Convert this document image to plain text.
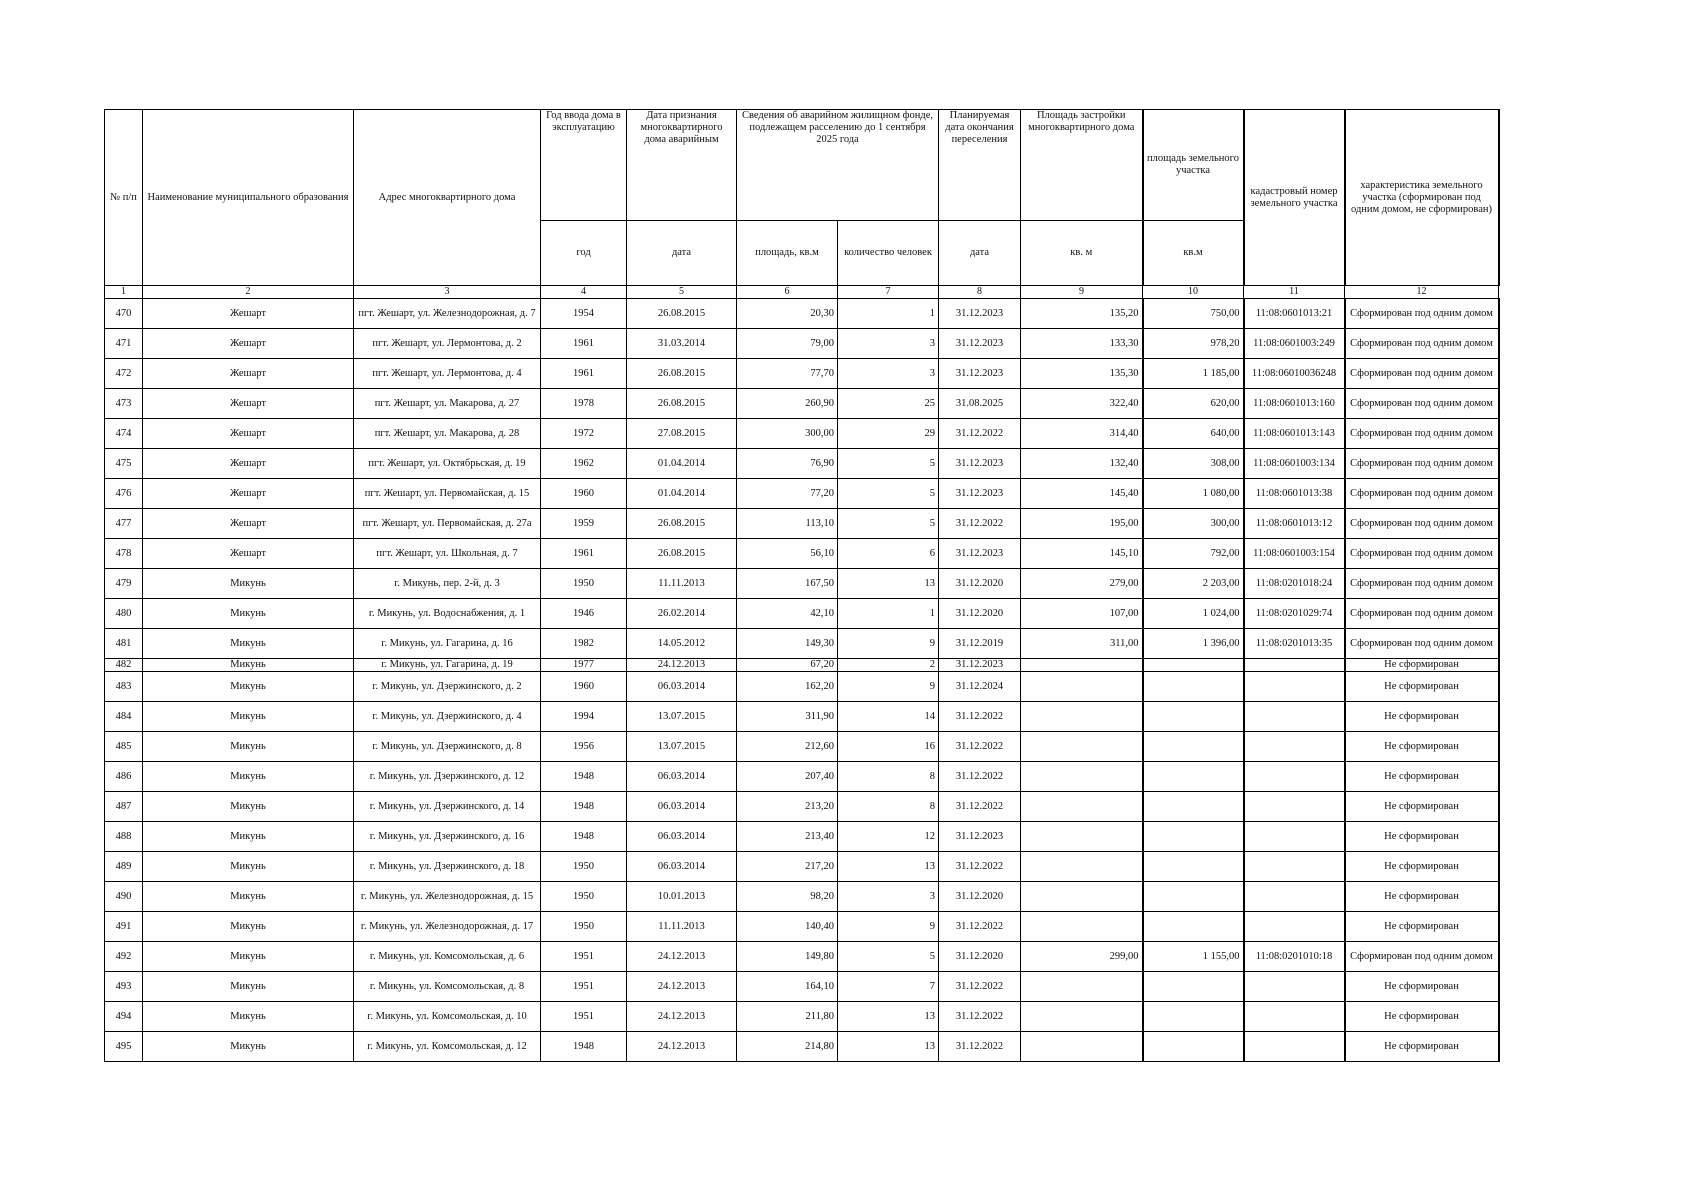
№ п/п	Наименование муниципального образования	Адрес многоквартирного дома	Год ввода дома в эксплуатацию	Дата признания многоквартирного дома аварийным	Сведения об аварийном жилищном фонде, подлежащем расселению до 1 сентября 2025 года		Планируемая дата окончания переселения	Площадь застройки многоквартирного дома	площадь земельного участка	кадастровый номер земельного участка	характеристика земельного участка (сформирован под одним домом, не сформирован)
			год	дата	площадь, кв.м	количество человек	дата	кв. м	кв.м		
1	2	3	4	5	6	7	8	9	10	11	12
470	Жешарт	пгт. Жешарт, ул. Железнодорожная, д. 7	1954	26.08.2015	20,30	1	31.12.2023	135,20	750,00	11:08:0601013:21	Сформирован под одним домом
471	Жешарт	пгт. Жешарт, ул. Лермонтова, д. 2	1961	31.03.2014	79,00	3	31.12.2023	133,30	978,20	11:08:0601003:249	Сформирован под одним домом
472	Жешарт	пгт. Жешарт, ул. Лермонтова, д. 4	1961	26.08.2015	77,70	3	31.12.2023	135,30	1 185,00	11:08:06010036248	Сформирован под одним домом
473	Жешарт	пгт. Жешарт, ул. Макарова, д. 27	1978	26.08.2015	260,90	25	31.08.2025	322,40	620,00	11:08:0601013:160	Сформирован под одним домом
474	Жешарт	пгт. Жешарт, ул. Макарова, д. 28	1972	27.08.2015	300,00	29	31.12.2022	314,40	640,00	11:08:0601013:143	Сформирован под одним домом
475	Жешарт	пгт. Жешарт, ул. Октябрьская, д. 19	1962	01.04.2014	76,90	5	31.12.2023	132,40	308,00	11:08:0601003:134	Сформирован под одним домом
476	Жешарт	пгт. Жешарт, ул. Первомайская, д. 15	1960	01.04.2014	77,20	5	31.12.2023	145,40	1 080,00	11:08:0601013:38	Сформирован под одним домом
477	Жешарт	пгт. Жешарт, ул. Первомайская, д. 27а	1959	26.08.2015	113,10	5	31.12.2022	195,00	300,00	11:08:0601013:12	Сформирован под одним домом
478	Жешарт	пгт. Жешарт, ул. Школьная, д. 7	1961	26.08.2015	56,10	6	31.12.2023	145,10	792,00	11:08:0601003:154	Сформирован под одним домом
479	Микунь	г. Микунь, пер. 2-й, д. 3	1950	11.11.2013	167,50	13	31.12.2020	279,00	2 203,00	11:08:0201018:24	Сформирован под одним домом
480	Микунь	г. Микунь, ул. Водоснабжения, д. 1	1946	26.02.2014	42,10	1	31.12.2020	107,00	1 024,00	11:08:0201029:74	Сформирован под одним домом
481	Микунь	г. Микунь, ул. Гагарина, д. 16	1982	14.05.2012	149,30	9	31.12.2019	311,00	1 396,00	11:08:0201013:35	Сформирован под одним домом
482	Микунь	г. Микунь, ул. Гагарина, д. 19	1977	24.12.2013	67,20	2	31.12.2023				Не сформирован
483	Микунь	г. Микунь, ул. Дзержинского, д. 2	1960	06.03.2014	162,20	9	31.12.2024				Не сформирован
484	Микунь	г. Микунь, ул. Дзержинского, д. 4	1994	13.07.2015	311,90	14	31.12.2022				Не сформирован
485	Микунь	г. Микунь, ул. Дзержинского, д. 8	1956	13.07.2015	212,60	16	31.12.2022				Не сформирован
486	Микунь	г. Микунь, ул. Дзержинского, д. 12	1948	06.03.2014	207,40	8	31.12.2022				Не сформирован
487	Микунь	г. Микунь, ул. Дзержинского, д. 14	1948	06.03.2014	213,20	8	31.12.2022				Не сформирован
488	Микунь	г. Микунь, ул. Дзержинского, д. 16	1948	06.03.2014	213,40	12	31.12.2023				Не сформирован
489	Микунь	г. Микунь, ул. Дзержинского, д. 18	1950	06.03.2014	217,20	13	31.12.2022				Не сформирован
490	Микунь	г. Микунь, ул. Железнодорожная, д. 15	1950	10.01.2013	98,20	3	31.12.2020				Не сформирован
491	Микунь	г. Микунь, ул. Железнодорожная, д. 17	1950	11.11.2013	140,40	9	31.12.2022				Не сформирован
492	Микунь	г. Микунь, ул. Комсомольская, д. 6	1951	24.12.2013	149,80	5	31.12.2020	299,00	1 155,00	11:08:0201010:18	Сформирован под одним домом
493	Микунь	г. Микунь, ул. Комсомольская, д. 8	1951	24.12.2013	164,10	7	31.12.2022				Не сформирован
494	Микунь	г. Микунь, ул. Комсомольская, д. 10	1951	24.12.2013	211,80	13	31.12.2022				Не сформирован
495	Микунь	г. Микунь, ул. Комсомольская, д. 12	1948	24.12.2013	214,80	13	31.12.2022				Не сформирован
